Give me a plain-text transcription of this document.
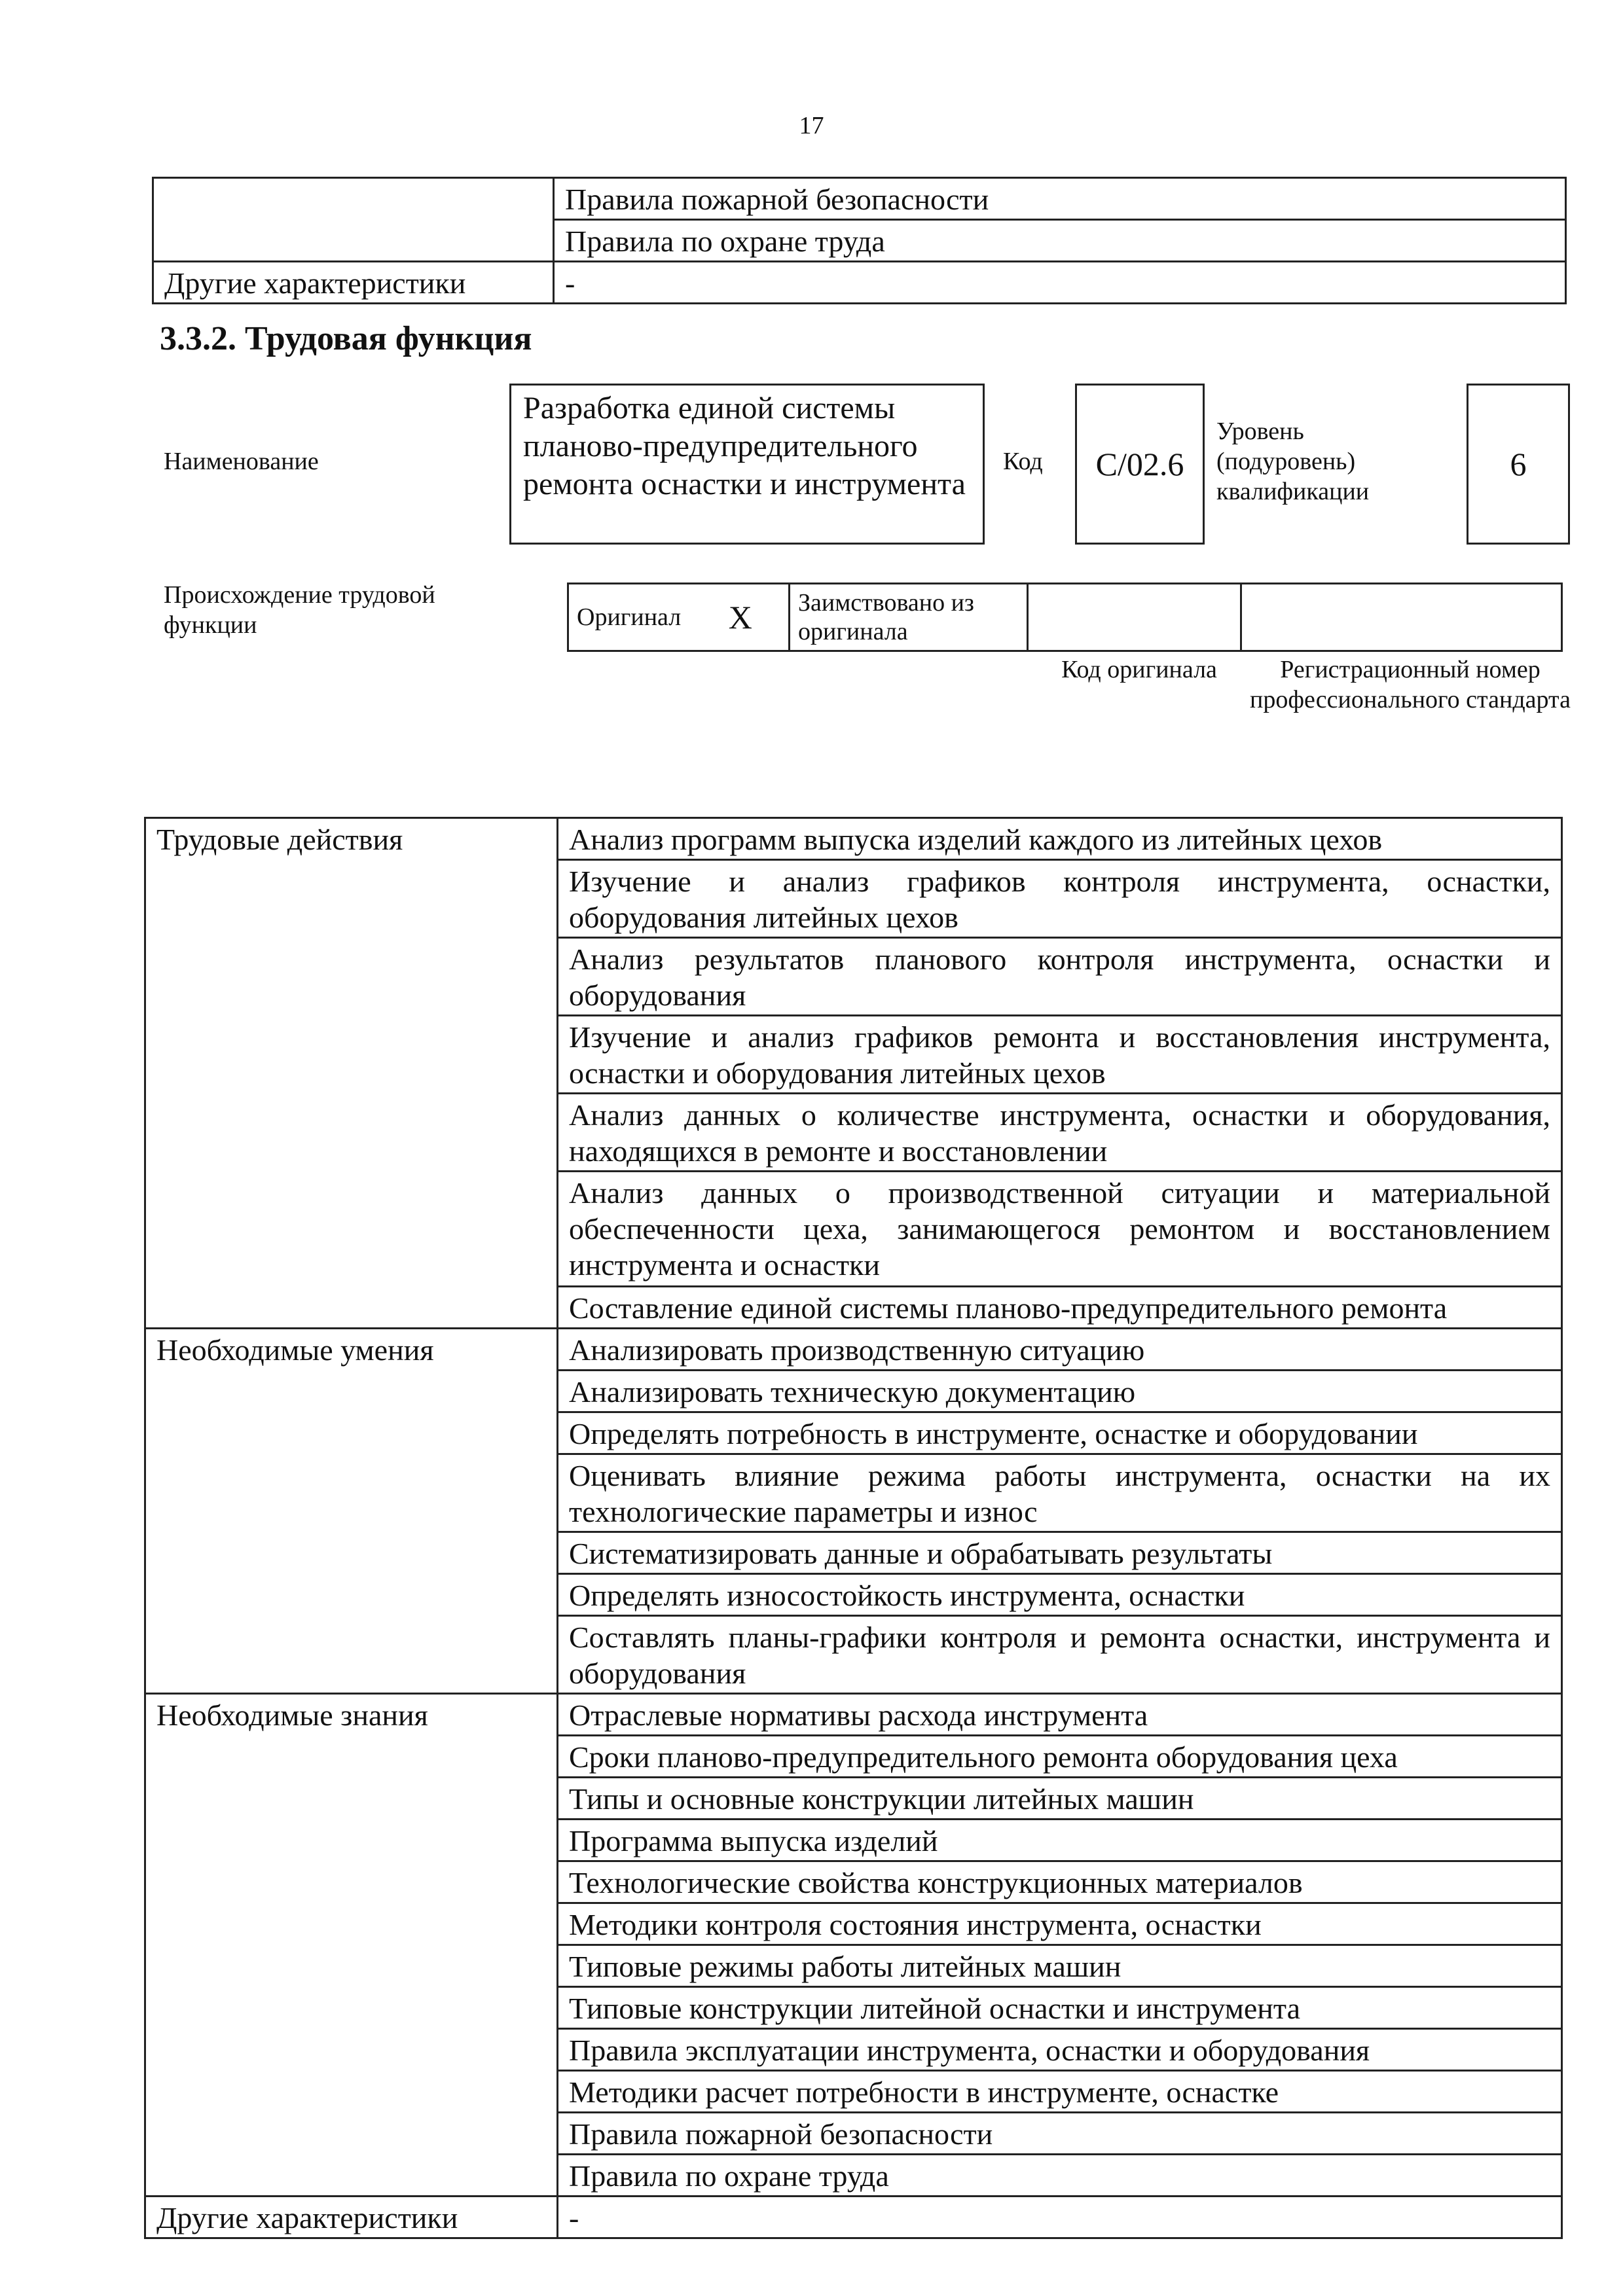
17
	Правила пожарной безопасности
	Правила по охране труда
Другие характеристики	-
3.3.2. Трудовая функция
Наименование
Разработка единой системы планово-предупредительного ремонта оснастки и инструмента
Код	C/02.6
Уровень (подуровень) квалификации
6
Происхождение трудовой функции	Оригинал	X	Заимствовано из оригинала		
Код оригинала	Регистрационный номер профессионального стандарта
Трудовые действия	Анализ программ выпуска изделий каждого из литейных цехов
	Изучение и анализ графиков контроля инструмента, оснастки, оборудования литейных цехов
	Анализ результатов планового контроля инструмента, оснастки и оборудования
	Изучение и анализ графиков ремонта и восстановления инструмента, оснастки и оборудования литейных цехов
	Анализ данных о количестве инструмента, оснастки и оборудования, находящихся в ремонте и восстановлении
	Анализ данных о производственной ситуации и материальной обеспеченности цеха, занимающегося ремонтом и восстановлением инструмента и оснастки
	Составление единой системы планово-предупредительного ремонта
Необходимые умения	Анализировать производственную ситуацию
	Анализировать техническую документацию
	Определять потребность в инструменте, оснастке и оборудовании
	Оценивать влияние режима работы инструмента, оснастки на их технологические параметры и износ
	Систематизировать данные и обрабатывать результаты
	Определять износостойкость инструмента, оснастки
	Составлять планы-графики контроля и ремонта оснастки, инструмента и оборудования
Необходимые знания	Отраслевые нормативы расхода инструмента
	Сроки планово-предупредительного ремонта оборудования цеха
	Типы и основные конструкции литейных машин
	Программа выпуска изделий
	Технологические свойства конструкционных материалов
	Методики контроля состояния инструмента, оснастки
	Типовые режимы работы литейных машин
	Типовые конструкции литейной оснастки и инструмента
	Правила эксплуатации инструмента, оснастки и оборудования
	Методики расчет потребности в инструменте, оснастке
	Правила пожарной безопасности
	Правила по охране труда
Другие характеристики	-
